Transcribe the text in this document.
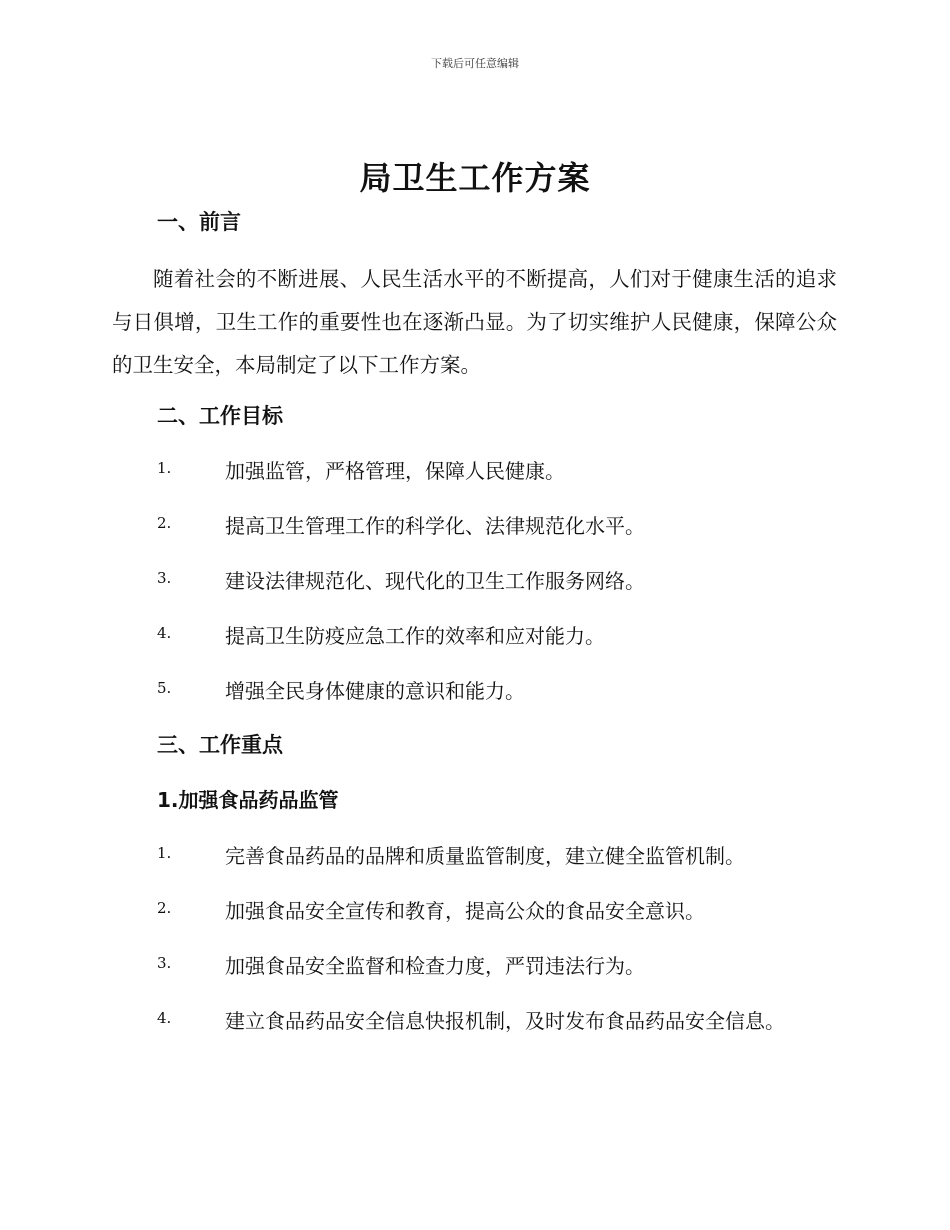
下载后可任意编辑
局卫生工作方案
一、前言

随着社会的不断进展、人民生活水平的不断提高，人们对于健康生活的追求与日俱增，卫生工作的重要性也在逐渐凸显。为了切实维护人民健康，保障公众的卫生安全，本局制定了以下工作方案。

二、工作目标
1.	加强监管，严格管理，保障人民健康。
2.	提高卫生管理工作的科学化、法律规范化水平。
3.	建设法律规范化、现代化的卫生工作服务网络。
4.	提高卫生防疫应急工作的效率和应对能力。
5.	增强全民身体健康的意识和能力。
三、工作重点
1.加强食品药品监管
1.	完善食品药品的品牌和质量监管制度，建立健全监管机制。
2.	加强食品安全宣传和教育，提高公众的食品安全意识。
3.	加强食品安全监督和检查力度，严罚违法行为。
4.	建立食品药品安全信息快报机制，及时发布食品药品安全信息。
